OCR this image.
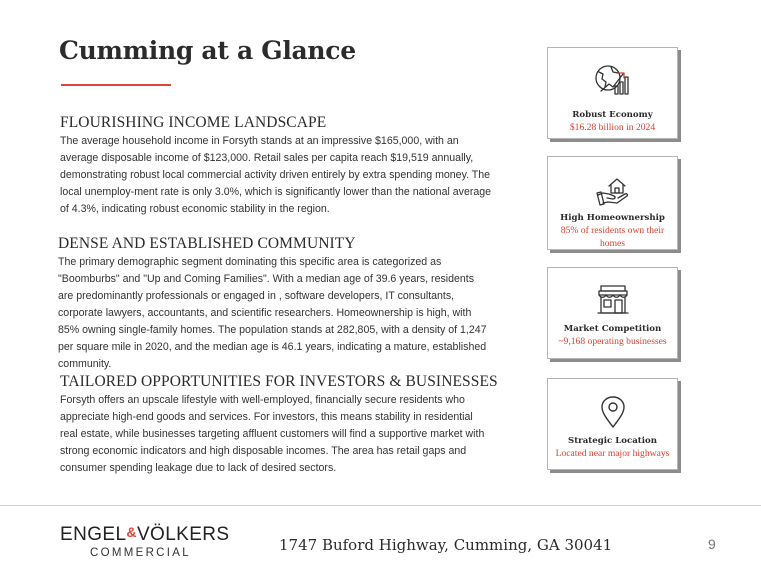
Cumming at a Glance
FLOURISHING INCOME LANDSCAPE

The average household income in Forsyth stands at an impressive $165,000, with an average disposable income of $123,000. Retail sales per capita reach $19,519 annually, demonstrating robust local commercial activity driven entirely by extra spending money. The local unemploy-ment rate is only 3.0%, which is significantly lower than the national average of 4.3%, indicating robust economic stability in the region.

DENSE AND ESTABLISHED COMMUNITY

The primary demographic segment dominating this specific area is categorized as "Boomburbs" and "Up and Coming Families". With a median age of 39.6 years, residents are predominantly professionals or engaged in , software developers, IT consultants, corporate lawyers, accountants, and scientific researchers. Homeownership is high, with 85% owning single-family homes. The population stands at 282,805, with a density of 1,247 per square mile in 2020, and the median age is 46.1 years, indicating a mature, established community.

TAILORED OPPORTUNITIES FOR INVESTORS & BUSINESSES

Forsyth offers an upscale lifestyle with well-employed, financially secure residents who appreciate high-end goods and services. For investors, this means stability in residential real estate, while businesses targeting affluent customers will find a supportive market with strong economic indicators and high disposable incomes. The area has retail gaps and consumer spending leakage due to lack of desired sectors.

Robust Economy
$16.28 billion in 2024
High Homeownership
85% of residents own their homes
Market Competition
~9,168 operating businesses
Strategic Location
Located near major highways
ENGEL&VÖLKERS
COMMERCIAL	1747 Buford Highway, Cumming, GA 30041	9
